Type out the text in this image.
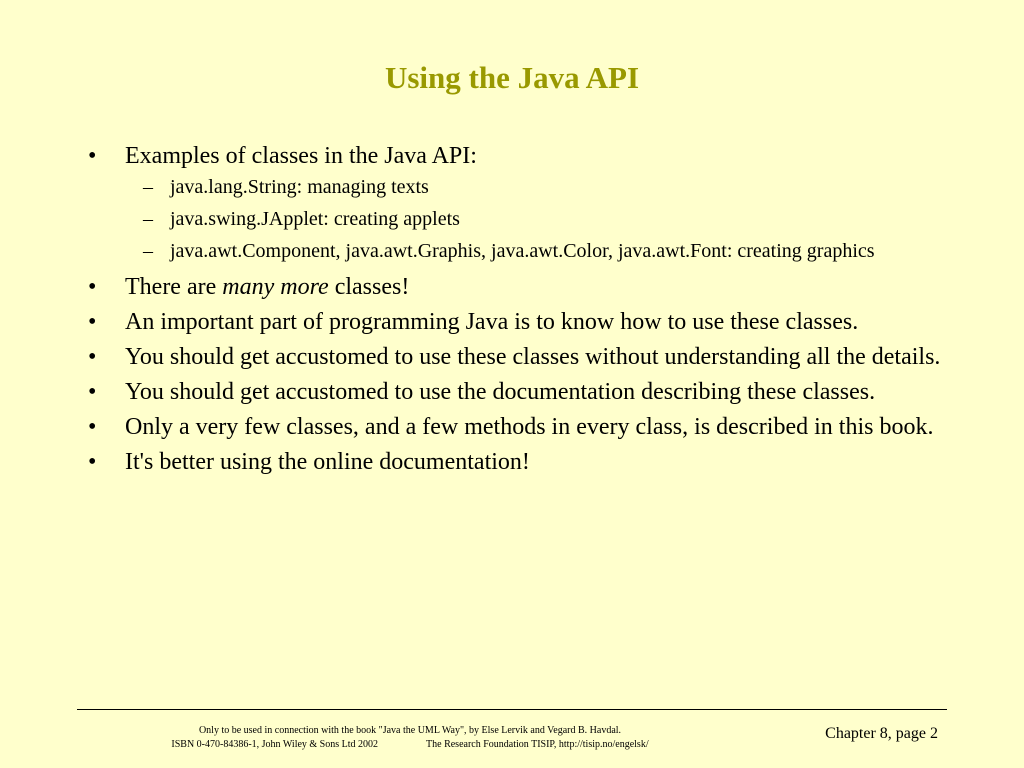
Using the Java API
• Examples of classes in the Java API:
– java.lang.String: managing texts
– java.swing.JApplet: creating applets
– java.awt.Component, java.awt.Graphis, java.awt.Color, java.awt.Font: creating graphics
• There are many more classes!
• An important part of programming Java is to know how to use these classes.
• You should get accustomed to use these classes without understanding all the details.
• You should get accustomed to use the documentation describing these classes.
• Only a very few classes, and a few methods in every class, is described in this book.
• It's better using the online documentation!
Only to be used in connection with the book "Java the UML Way", by Else Lervik and Vegard B. Havdal.
ISBN 0-470-84386-1, John Wiley & Sons Ltd 2002	The Research Foundation TISIP, http://tisip.no/engelsk/
Chapter 8, page 2
